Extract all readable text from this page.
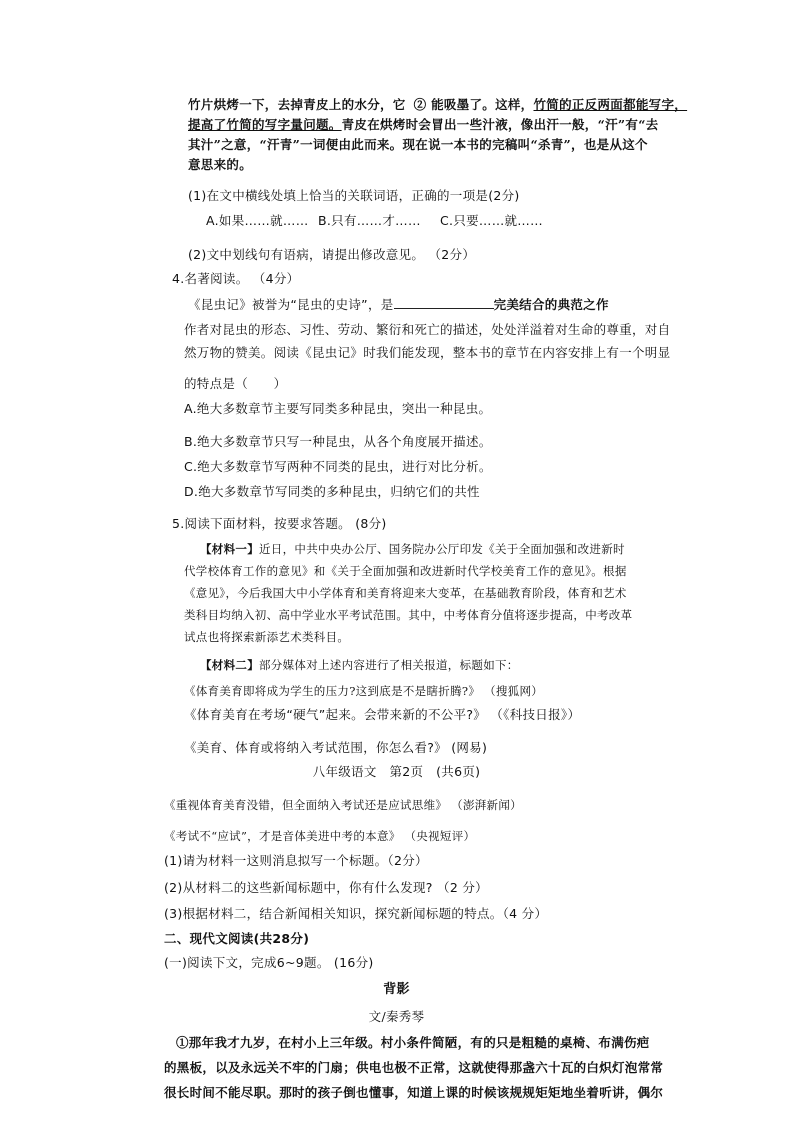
竹片烘烤一下，去掉青皮上的水分，它 ② 能吸墨了。这样，竹简的正反两面都能写字，
提高了竹简的写字量问题。青皮在烘烤时会冒出一些汁液，像出汗一般，“汗”有“去
其汁”之意，“汗青”一词便由此而来。现在说一本书的完稿叫“杀青”，也是从这个
意思来的。
(1)在文中横线处填上恰当的关联词语，正确的一项是(2分)
A.如果……就…… B.只有……才…… C.只要……就……
(2)文中划线句有语病，请提出修改意见。 （2分）
4.名著阅读。 （4分）
《昆虫记》被誉为“昆虫的史诗”，是	完美结合的典范之作
作者对昆虫的形态、习性、劳动、繁衍和死亡的描述，处处洋溢着对生命的尊重，对自
然万物的赞美。阅读《昆虫记》时我们能发现，整本书的章节在内容安排上有一个明显
的特点是（　　）
A.绝大多数章节主要写同类多种昆虫，突出一种昆虫。
B.绝大多数章节只写一种昆虫，从各个角度展开描述。
C.绝大多数章节写两种不同类的昆虫，进行对比分析。
D.绝大多数章节写同类的多种昆虫，归纳它们的共性
5.阅读下面材料，按要求答题。 (8分)
【材料一】近日，中共中央办公厅、国务院办公厅印发《关于全面加强和改进新时
代学校体育工作的意见》和《关于全面加强和改进新时代学校美育工作的意见》。根据
《意见》，今后我国大中小学体育和美育将迎来大变革，在基础教育阶段，体育和艺术
类科目均纳入初、高中学业水平考试范围。其中，中考体育分值将逐步提高，中考改革
试点也将探索新添艺术类科目。
【材料二】部分媒体对上述内容进行了相关报道，标题如下：
《体育美育即将成为学生的压力?这到底是不是瞎折腾?》 （搜狐网）
《体育美育在考场“硬气”起来。会带来新的不公平?》 （《科技日报》）
《美育、体育或将纳入考试范围，你怎么看?》 (网易)
八年级语文　第2页　(共6页)
《重视体育美育没错，但全面纳入考试还是应试思维》 （澎湃新闻）
《考试不“应试”，才是音体美进中考的本意》 （央视短评）
(1)请为材料一这则消息拟写一个标题。（2分）
(2)从材料二的这些新闻标题中，你有什么发现? （2 分）
(3)根据材料二，结合新闻相关知识，探究新闻标题的特点。（4 分）
二、现代文阅读(共28分)
(一)阅读下文，完成6~9题。 (16分)
背影
文/秦秀琴
①那年我才九岁，在村小上三年级。村小条件简陋，有的只是粗糙的桌椅、布满伤疤
的黑板，以及永远关不牢的门扇；供电也极不正常，这就使得那盏六十瓦的白炽灯泡常常
很长时间不能尽职。那时的孩子倒也懂事，知道上课的时候该规规矩矩地坐着听讲，偶尔
